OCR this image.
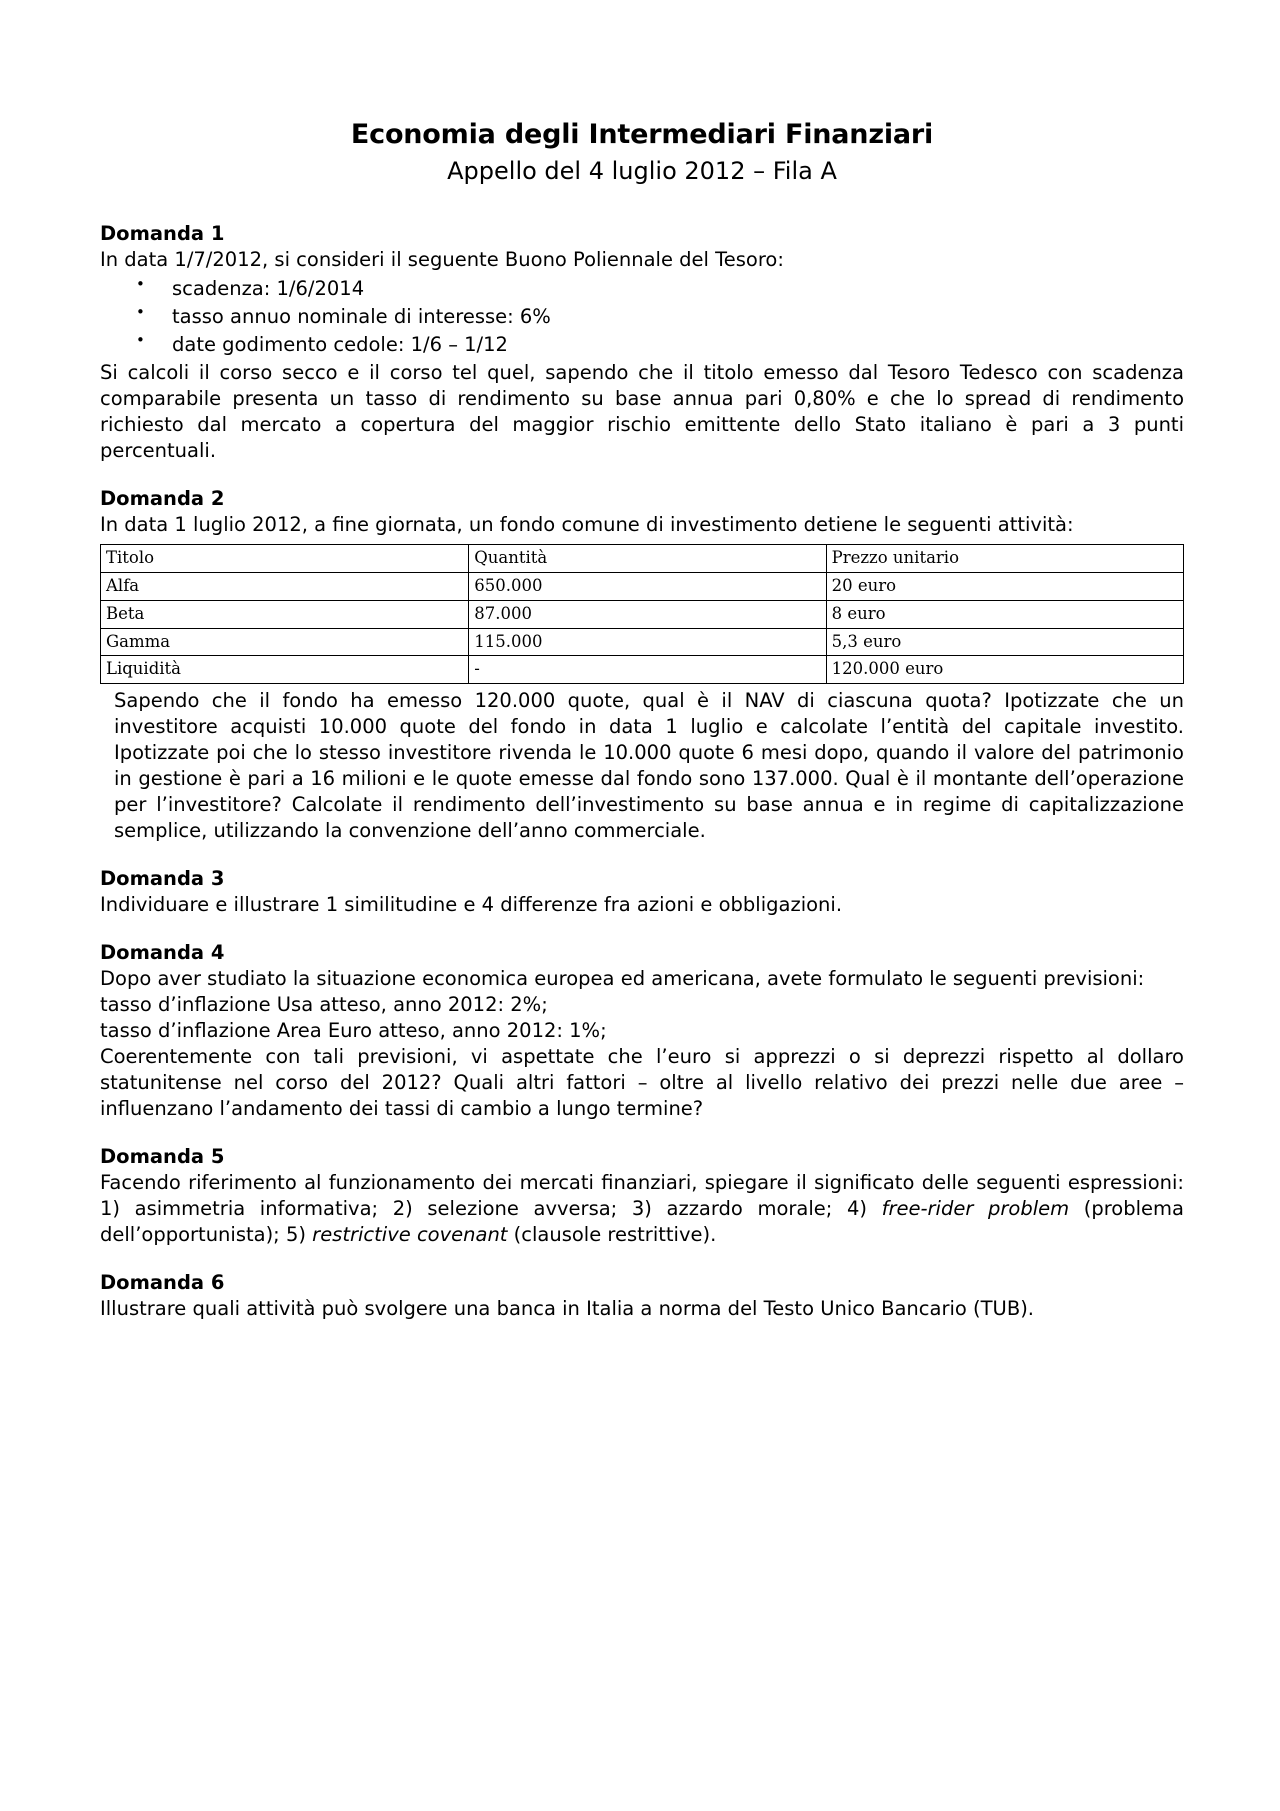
Economia degli Intermediari Finanziari
Appello del 4 luglio 2012 – Fila A
Domanda 1

In data 1/7/2012, si consideri il seguente Buono Poliennale del Tesoro:

• scadenza: 1/6/2014
• tasso annuo nominale di interesse: 6%
• date godimento cedole: 1/6 – 1/12

Si calcoli il corso secco e il corso tel quel, sapendo che il titolo emesso dal Tesoro Tedesco con scadenza comparabile presenta un tasso di rendimento su base annua pari 0,80% e che lo spread di rendimento richiesto dal mercato a copertura del maggior rischio emittente dello Stato italiano è pari a 3 punti percentuali.

Domanda 2

In data 1 luglio 2012, a fine giornata, un fondo comune di investimento detiene le seguenti attività:

Titolo	Quantità	Prezzo unitario
Alfa	650.000	20 euro
Beta	87.000	8 euro
Gamma	115.000	5,3 euro
Liquidità	-	120.000 euro

Sapendo che il fondo ha emesso 120.000 quote, qual è il NAV di ciascuna quota? Ipotizzate che un investitore acquisti 10.000 quote del fondo in data 1 luglio e calcolate l’entità del capitale investito. Ipotizzate poi che lo stesso investitore rivenda le 10.000 quote 6 mesi dopo, quando il valore del patrimonio in gestione è pari a 16 milioni e le quote emesse dal fondo sono 137.000. Qual è il montante dell’operazione per l’investitore? Calcolate il rendimento dell’investimento su base annua e in regime di capitalizzazione semplice, utilizzando la convenzione dell’anno commerciale.

Domanda 3

Individuare e illustrare 1 similitudine e 4 differenze fra azioni e obbligazioni.

Domanda 4

Dopo aver studiato la situazione economica europea ed americana, avete formulato le seguenti previsioni:

tasso d’inflazione Usa atteso, anno 2012: 2%;

tasso d’inflazione Area Euro atteso, anno 2012: 1%;

Coerentemente con tali previsioni, vi aspettate che l’euro si apprezzi o si deprezzi rispetto al dollaro statunitense nel corso del 2012? Quali altri fattori – oltre al livello relativo dei prezzi nelle due aree – influenzano l’andamento dei tassi di cambio a lungo termine?

Domanda 5

Facendo riferimento al funzionamento dei mercati finanziari, spiegare il significato delle seguenti espressioni: 1) asimmetria informativa; 2) selezione avversa; 3) azzardo morale; 4) free-rider problem (problema dell’opportunista); 5) restrictive covenant (clausole restrittive).

Domanda 6

Illustrare quali attività può svolgere una banca in Italia a norma del Testo Unico Bancario (TUB).
